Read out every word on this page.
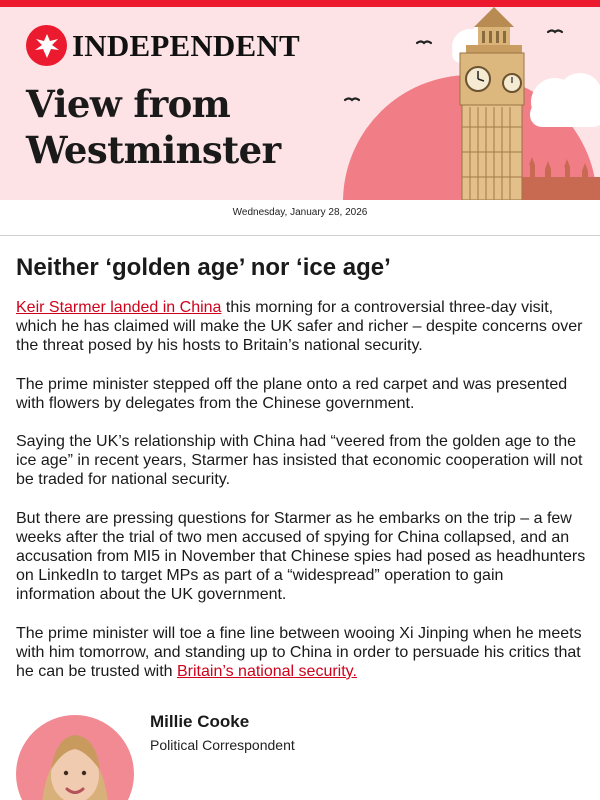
INDEPENDENT
View from
Westminster
Wednesday, January 28, 2026
Neither ‘golden age’ nor ‘ice age’

Keir Starmer landed in China this morning for a controversial three-day visit, which he has claimed will make the UK safer and richer – despite concerns over the threat posed by his hosts to Britain’s national security.

The prime minister stepped off the plane onto a red carpet and was presented with flowers by delegates from the Chinese government.

Saying the UK’s relationship with China had “veered from the golden age to the ice age” in recent years, Starmer has insisted that economic cooperation will not be traded for national security.

But there are pressing questions for Starmer as he embarks on the trip – a few weeks after the trial of two men accused of spying for China collapsed, and an accusation from MI5 in November that Chinese spies had posed as headhunters on LinkedIn to target MPs as part of a “widespread” operation to gain information about the UK government.

The prime minister will toe a fine line between wooing Xi Jinping when he meets with him tomorrow, and standing up to China in order to persuade his critics that he can be trusted with Britain’s national security.

Millie Cooke
Political Correspondent
